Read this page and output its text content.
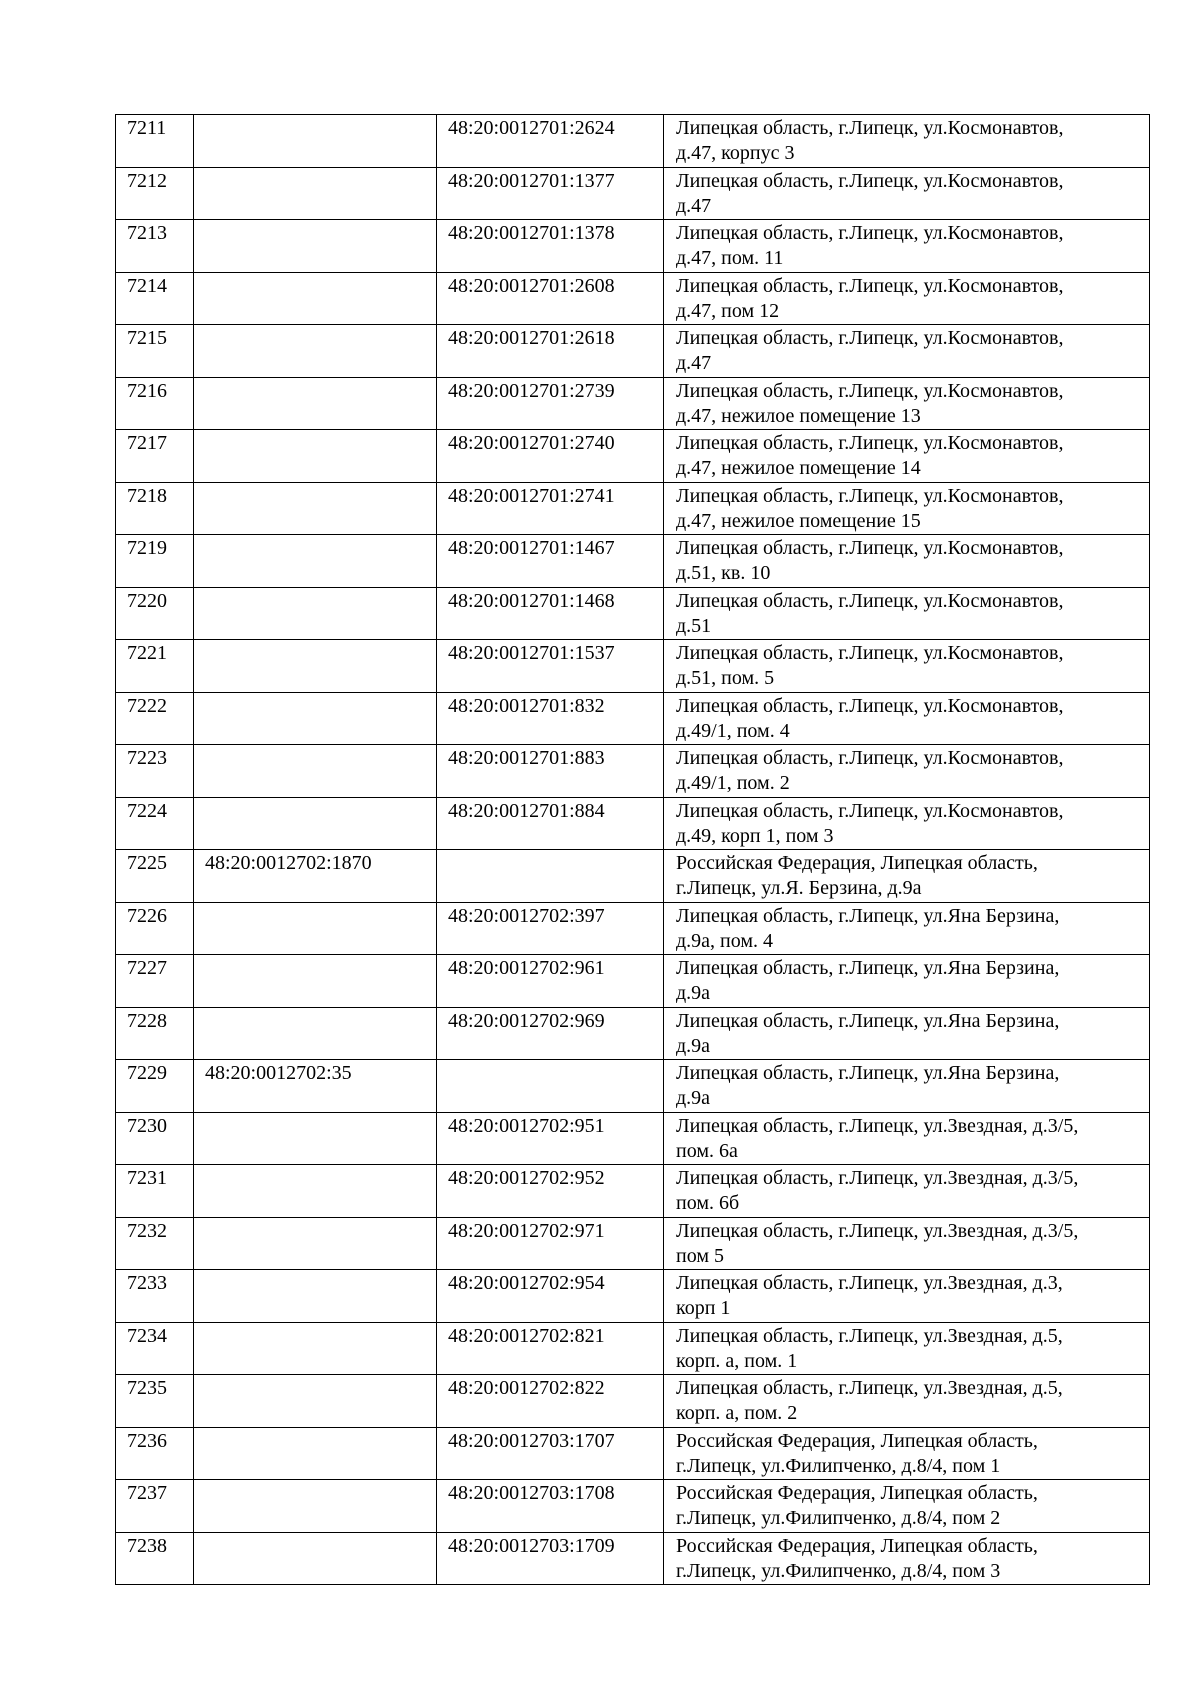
7211		48:20:0012701:2624	Липецкая область, г.Липецк, ул.Космонавтов,
д.47, корпус 3
7212		48:20:0012701:1377	Липецкая область, г.Липецк, ул.Космонавтов,
д.47
7213		48:20:0012701:1378	Липецкая область, г.Липецк, ул.Космонавтов,
д.47, пом. 11
7214		48:20:0012701:2608	Липецкая область, г.Липецк, ул.Космонавтов,
д.47, пом 12
7215		48:20:0012701:2618	Липецкая область, г.Липецк, ул.Космонавтов,
д.47
7216		48:20:0012701:2739	Липецкая область, г.Липецк, ул.Космонавтов,
д.47, нежилое помещение 13
7217		48:20:0012701:2740	Липецкая область, г.Липецк, ул.Космонавтов,
д.47, нежилое помещение 14
7218		48:20:0012701:2741	Липецкая область, г.Липецк, ул.Космонавтов,
д.47, нежилое помещение 15
7219		48:20:0012701:1467	Липецкая область, г.Липецк, ул.Космонавтов,
д.51, кв. 10
7220		48:20:0012701:1468	Липецкая область, г.Липецк, ул.Космонавтов,
д.51
7221		48:20:0012701:1537	Липецкая область, г.Липецк, ул.Космонавтов,
д.51, пом. 5
7222		48:20:0012701:832	Липецкая область, г.Липецк, ул.Космонавтов,
д.49/1, пом. 4
7223		48:20:0012701:883	Липецкая область, г.Липецк, ул.Космонавтов,
д.49/1, пом. 2
7224		48:20:0012701:884	Липецкая область, г.Липецк, ул.Космонавтов,
д.49, корп 1, пом 3
7225	48:20:0012702:1870		Российская Федерация, Липецкая область,
г.Липецк, ул.Я. Берзина, д.9а
7226		48:20:0012702:397	Липецкая область, г.Липецк, ул.Яна Берзина,
д.9а, пом. 4
7227		48:20:0012702:961	Липецкая область, г.Липецк, ул.Яна Берзина,
д.9а
7228		48:20:0012702:969	Липецкая область, г.Липецк, ул.Яна Берзина,
д.9а
7229	48:20:0012702:35		Липецкая область, г.Липецк, ул.Яна Берзина,
д.9а
7230		48:20:0012702:951	Липецкая область, г.Липецк, ул.Звездная, д.3/5,
пом. 6а
7231		48:20:0012702:952	Липецкая область, г.Липецк, ул.Звездная, д.3/5,
пом. 6б
7232		48:20:0012702:971	Липецкая область, г.Липецк, ул.Звездная, д.3/5,
пом 5
7233		48:20:0012702:954	Липецкая область, г.Липецк, ул.Звездная, д.3,
корп 1
7234		48:20:0012702:821	Липецкая область, г.Липецк, ул.Звездная, д.5,
корп. а, пом. 1
7235		48:20:0012702:822	Липецкая область, г.Липецк, ул.Звездная, д.5,
корп. а, пом. 2
7236		48:20:0012703:1707	Российская Федерация, Липецкая область,
г.Липецк, ул.Филипченко, д.8/4, пом 1
7237		48:20:0012703:1708	Российская Федерация, Липецкая область,
г.Липецк, ул.Филипченко, д.8/4, пом 2
7238		48:20:0012703:1709	Российская Федерация, Липецкая область,
г.Липецк, ул.Филипченко, д.8/4, пом 3
